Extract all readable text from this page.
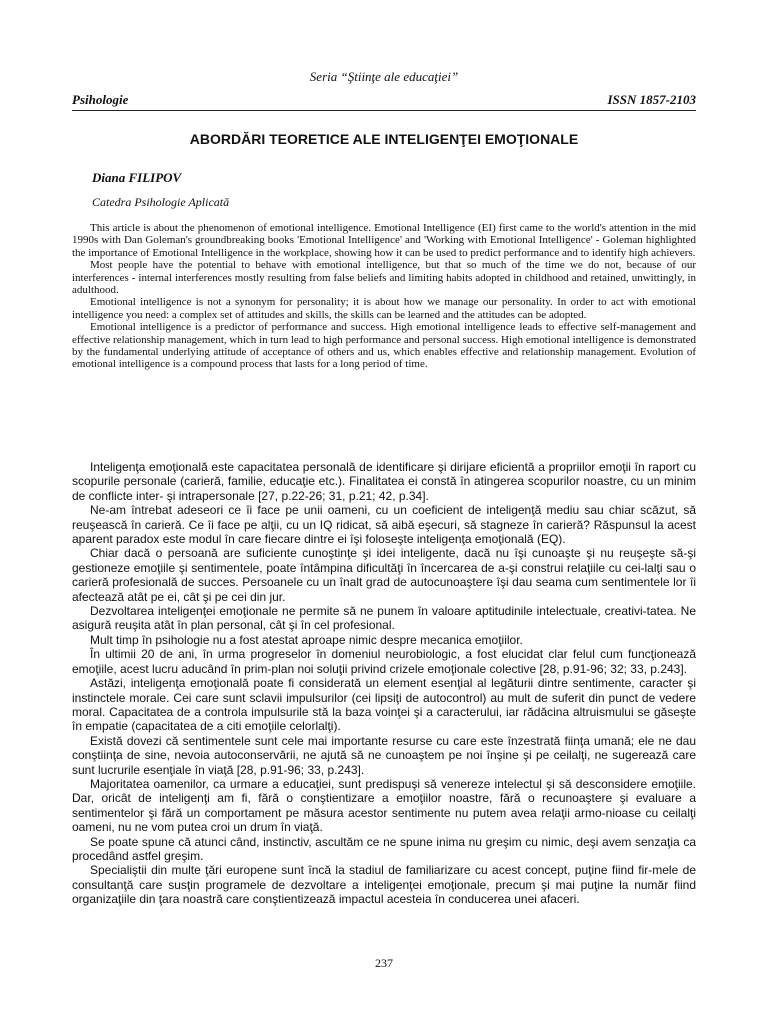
Seria “Ştiinţe ale educaţiei”
Psihologie	ISSN 1857-2103
ABORDĂRI TEORETICE ALE INTELIGENŢEI EMOŢIONALE
Diana FILIPOV
Catedra Psihologie Aplicată

This article is about the phenomenon of emotional intelligence. Emotional Intelligence (EI) first came to the world's attention in the mid 1990s with Dan Goleman's groundbreaking books 'Emotional Intelligence' and 'Working with Emotional Intelligence' - Goleman highlighted the importance of Emotional Intelligence in the workplace, showing how it can be used to predict performance and to identify high achievers.

Most people have the potential to behave with emotional intelligence, but that so much of the time we do not, because of our interferences - internal interferences mostly resulting from false beliefs and limiting habits adopted in childhood and retained, unwittingly, in adulthood.

Emotional intelligence is not a synonym for personality; it is about how we manage our personality. In order to act with emotional intelligence you need: a complex set of attitudes and skills, the skills can be learned and the attitudes can be adopted.

Emotional intelligence is a predictor of performance and success. High emotional intelligence leads to effective self-management and effective relationship management, which in turn lead to high performance and personal success. High emotional intelligence is demonstrated by the fundamental underlying attitude of acceptance of others and us, which enables effective and relationship management. Evolution of emotional intelligence is a compound process that lasts for a long period of time.

Inteligenţa emoţională este capacitatea personală de identificare şi dirijare eficientă a propriilor emoţii în raport cu scopurile personale (carieră, familie, educaţie etc.). Finalitatea ei constă în atingerea scopurilor noastre, cu un minim de conflicte inter- şi intrapersonale [27, p.22-26; 31, p.21; 42, p.34].

Ne-am întrebat adeseori ce îi face pe unii oameni, cu un coeficient de inteligenţă mediu sau chiar scăzut, să reuşească în carieră. Ce îi face pe alţii, cu un IQ ridicat, să aibă eşecuri, să stagneze în carieră? Răspunsul la acest aparent paradox este modul în care fiecare dintre ei îşi foloseşte inteligenţa emoţională (EQ).

Chiar dacă o persoană are suficiente cunoştinţe şi idei inteligente, dacă nu îşi cunoaşte şi nu reuşeşte să-şi gestioneze emoţiile şi sentimentele, poate întâmpina dificultăţi în încercarea de a-şi construi relaţiile cu cei-lalţi sau o carieră profesională de succes. Persoanele cu un înalt grad de autocunoaştere îşi dau seama cum sentimentele lor îi afectează atât pe ei, cât şi pe cei din jur.

Dezvoltarea inteligenţei emoţionale ne permite să ne punem în valoare aptitudinile intelectuale, creativi-tatea. Ne asigură reuşita atât în plan personal, cât şi în cel profesional.

Mult timp în psihologie nu a fost atestat aproape nimic despre mecanica emoţiilor.

În ultimii 20 de ani, în urma progreselor în domeniul neurobiologic, a fost elucidat clar felul cum funcţionează emoţiile, acest lucru aducând în prim-plan noi soluţii privind crizele emoţionale colective [28, p.91-96; 32; 33, p.243].

Astăzi, inteligenţa emoţională poate fi considerată un element esenţial al legăturii dintre sentimente, caracter şi instinctele morale. Cei care sunt sclavii impulsurilor (cei lipsiţi de autocontrol) au mult de suferit din punct de vedere moral. Capacitatea de a controla impulsurile stă la baza voinţei şi a caracterului, iar rădăcina altruismului se găseşte în empatie (capacitatea de a citi emoţiile celorlalţi).

Există dovezi că sentimentele sunt cele mai importante resurse cu care este înzestrată fiinţa umană; ele ne dau conştiinţa de sine, nevoia autoconservării, ne ajută să ne cunoaştem pe noi înşine şi pe ceilalţi, ne sugerează care sunt lucrurile esenţiale în viaţă [28, p.91-96; 33, p.243].

Majoritatea oamenilor, ca urmare a educaţiei, sunt predispuşi să venereze intelectul şi să desconsidere emoţiile. Dar, oricât de inteligenţi am fi, fără o conştientizare a emoţiilor noastre, fără o recunoaştere şi evaluare a sentimentelor şi fără un comportament pe măsura acestor sentimente nu putem avea relaţii armo-nioase cu ceilalţi oameni, nu ne vom putea croi un drum în viaţă.

Se poate spune că atunci când, instinctiv, ascultăm ce ne spune inima nu greşim cu nimic, deşi avem senzaţia ca procedând astfel greşim.

Specialiştii din multe ţări europene sunt încă la stadiul de familiarizare cu acest concept, puţine fiind fir-mele de consultanţă care susţin programele de dezvoltare a inteligenţei emoţionale, precum şi mai puţine la număr fiind organizaţiile din ţara noastră care conştientizează impactul acesteia în conducerea unei afaceri.

237
